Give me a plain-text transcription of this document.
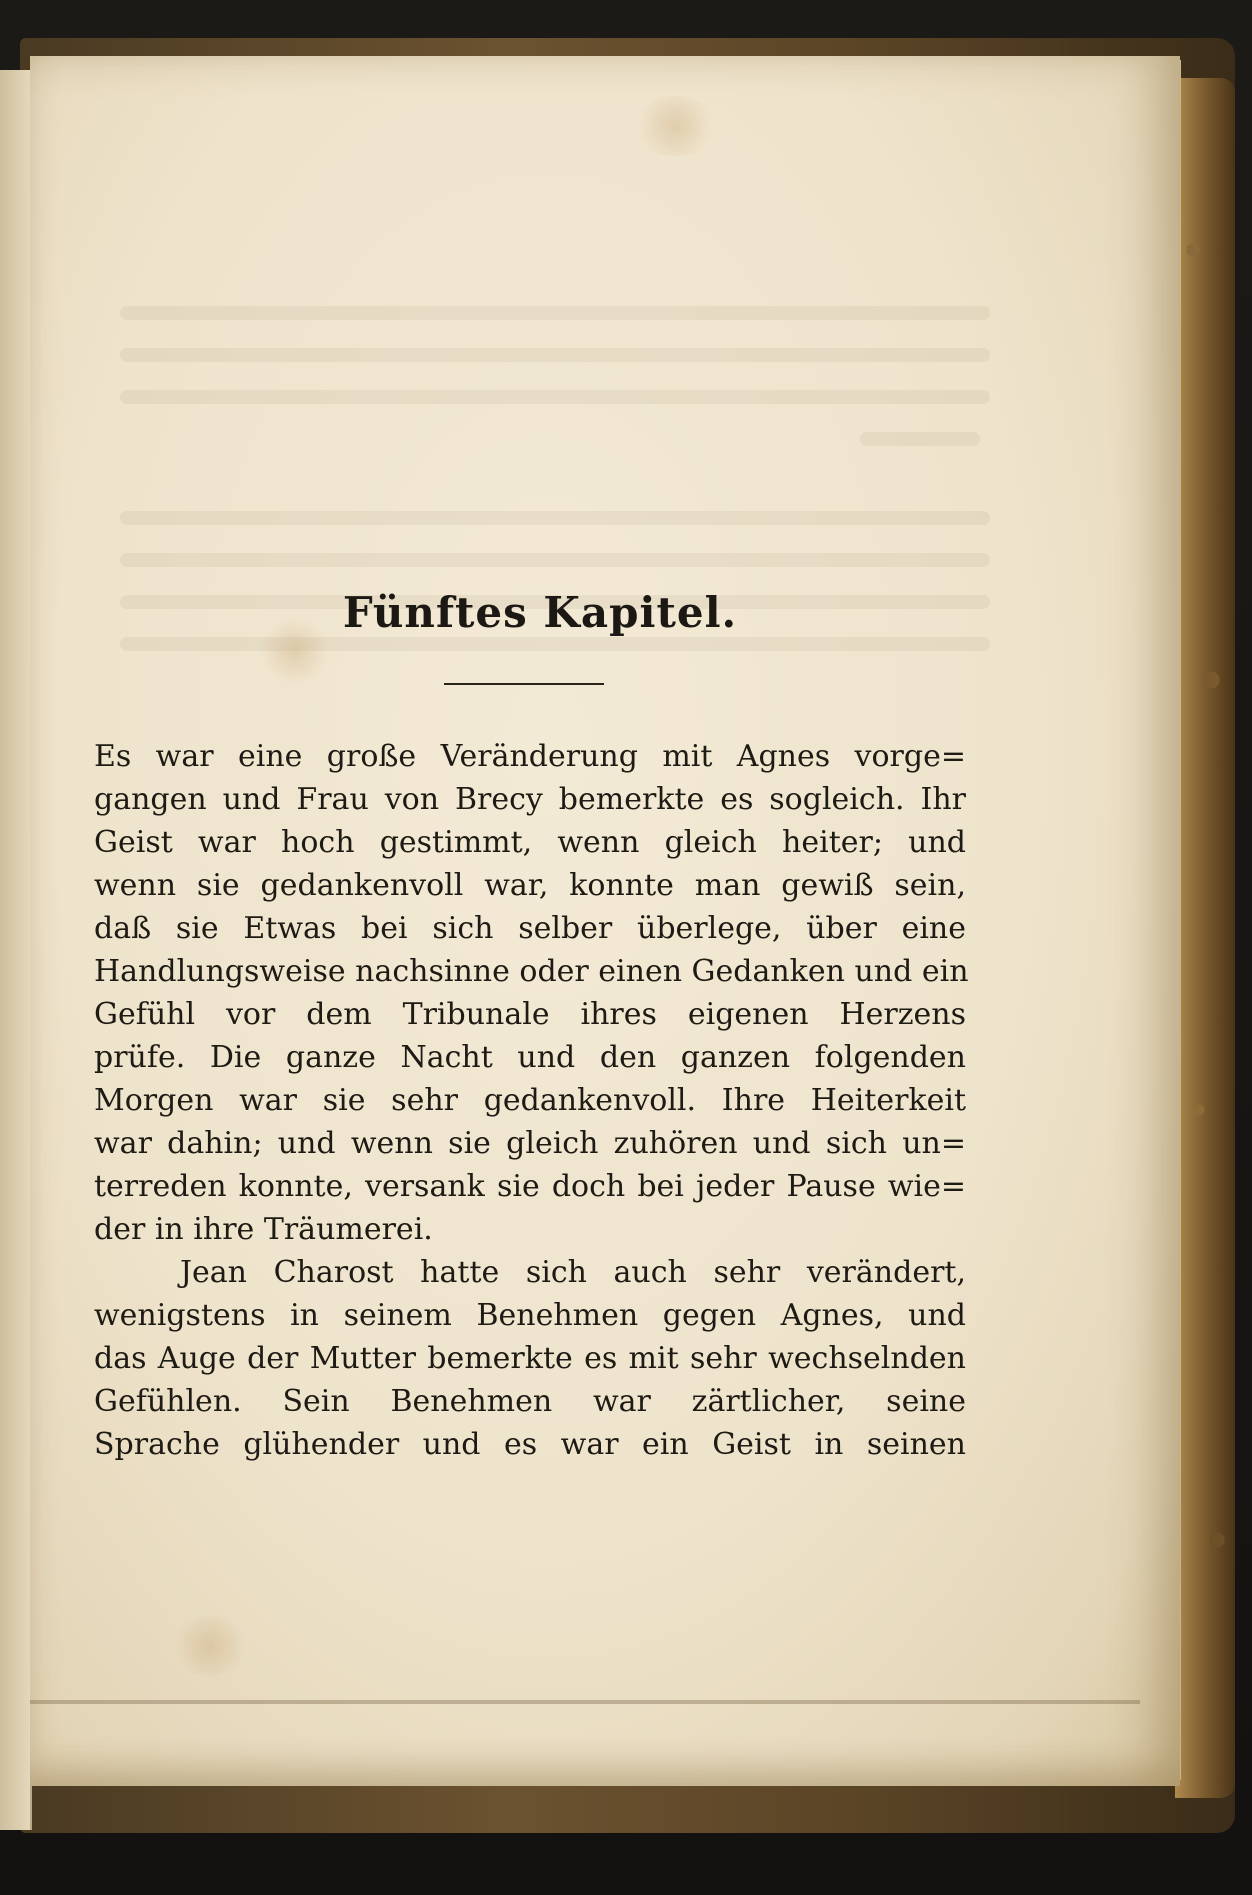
Fünftes Kapitel.
Es war eine große Veränderung mit Agnes vorge=
gangen und Frau von Brecy bemerkte es sogleich. Ihr
Geist war hoch gestimmt, wenn gleich heiter; und
wenn sie gedankenvoll war, konnte man gewiß sein,
daß sie Etwas bei sich selber überlege, über eine
Handlungsweise nachsinne oder einen Gedanken und ein
Gefühl vor dem Tribunale ihres eigenen Herzens
prüfe. Die ganze Nacht und den ganzen folgenden
Morgen war sie sehr gedankenvoll. Ihre Heiterkeit
war dahin; und wenn sie gleich zuhören und sich un=
terreden konnte, versank sie doch bei jeder Pause wie=
der in ihre Träumerei.
Jean Charost hatte sich auch sehr verändert,
wenigstens in seinem Benehmen gegen Agnes, und
das Auge der Mutter bemerkte es mit sehr wechselnden
Gefühlen. Sein Benehmen war zärtlicher, seine
Sprache glühender und es war ein Geist in seinen
